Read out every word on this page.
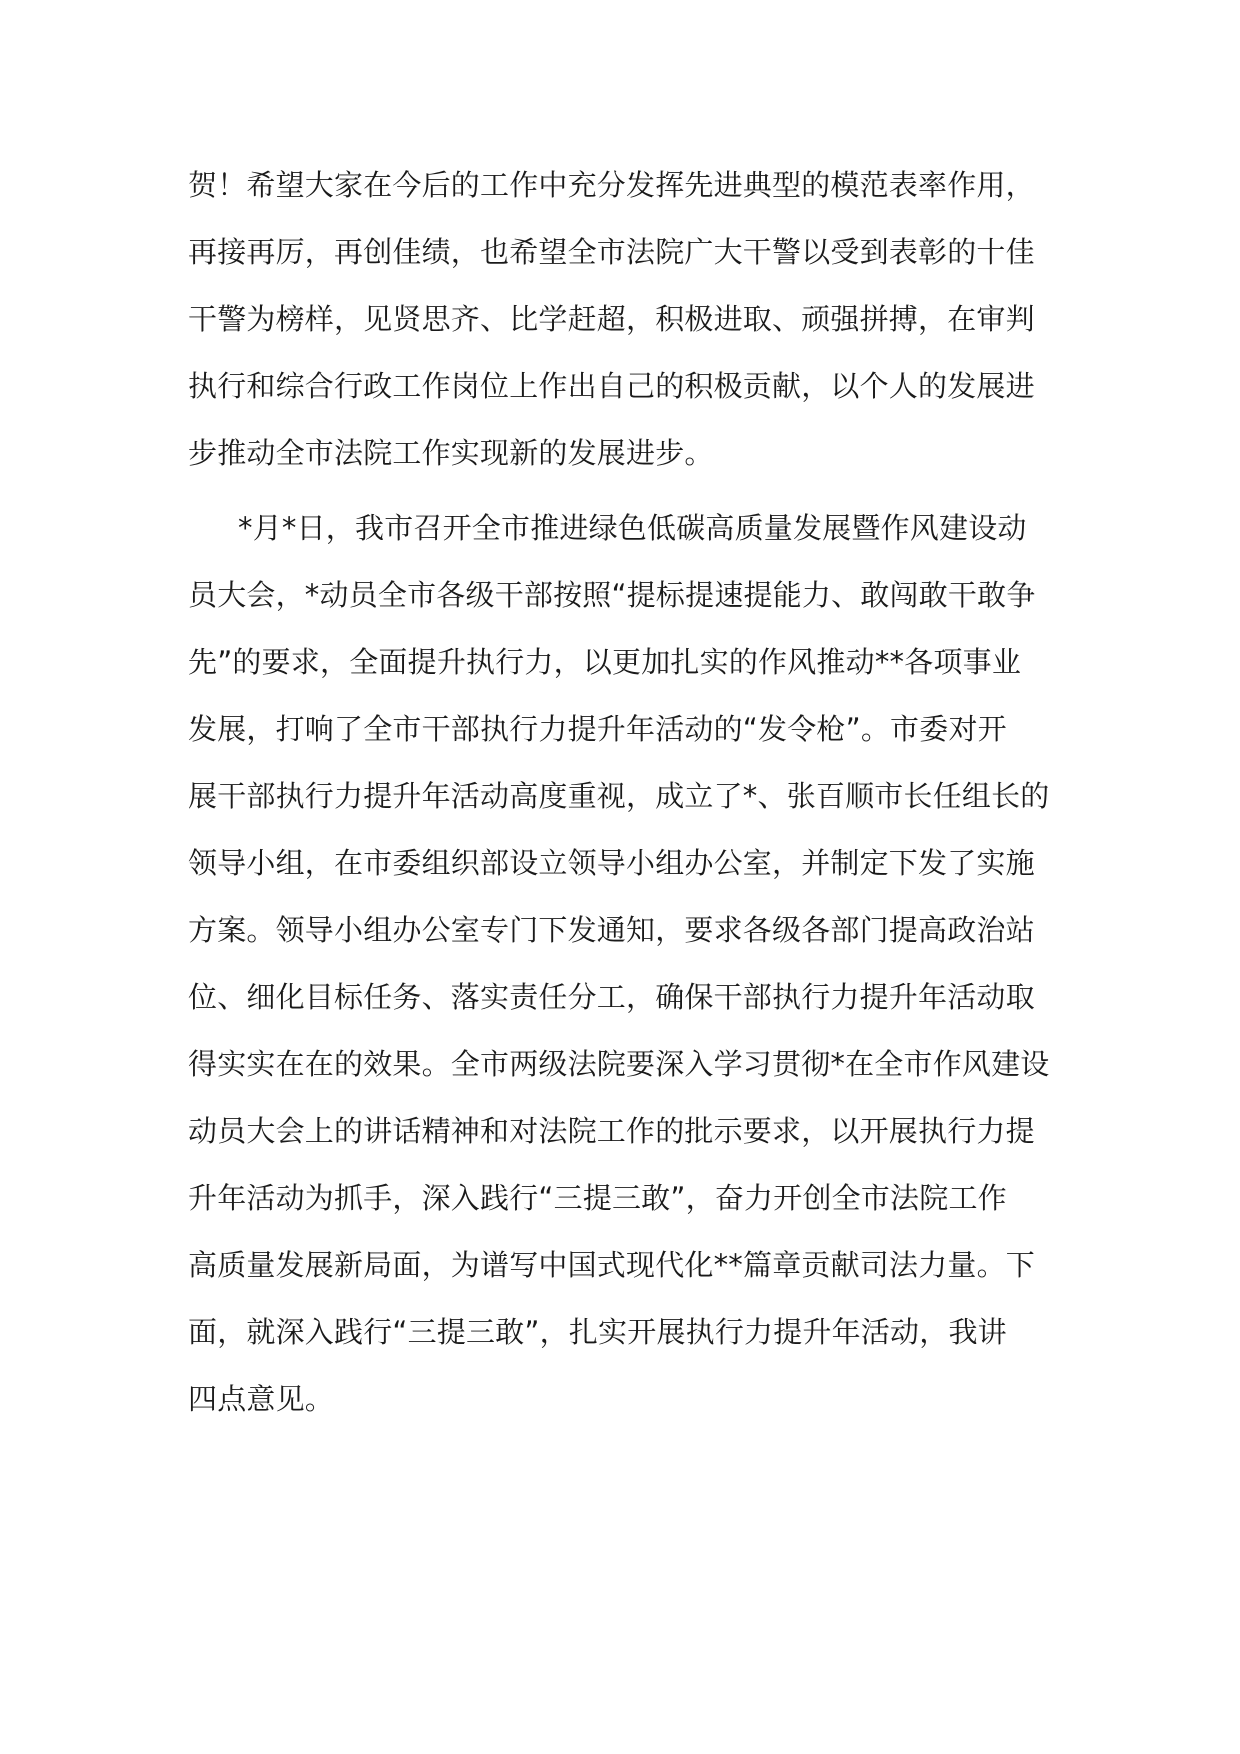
贺！希望大家在今后的工作中充分发挥先进典型的模范表率作用，
再接再厉，再创佳绩，也希望全市法院广大干警以受到表彰的十佳
干警为榜样，见贤思齐、比学赶超，积极进取、顽强拼搏，在审判
执行和综合行政工作岗位上作出自己的积极贡献，以个人的发展进
步推动全市法院工作实现新的发展进步。
*月*日，我市召开全市推进绿色低碳高质量发展暨作风建设动
员大会，*动员全市各级干部按照“提标提速提能力、敢闯敢干敢争
先”的要求，全面提升执行力，以更加扎实的作风推动**各项事业
发展，打响了全市干部执行力提升年活动的“发令枪”。市委对开
展干部执行力提升年活动高度重视，成立了*、张百顺市长任组长的
领导小组，在市委组织部设立领导小组办公室，并制定下发了实施
方案。领导小组办公室专门下发通知，要求各级各部门提高政治站
位、细化目标任务、落实责任分工，确保干部执行力提升年活动取
得实实在在的效果。全市两级法院要深入学习贯彻*在全市作风建设
动员大会上的讲话精神和对法院工作的批示要求，以开展执行力提
升年活动为抓手，深入践行“三提三敢”，奋力开创全市法院工作
高质量发展新局面，为谱写中国式现代化**篇章贡献司法力量。下
面，就深入践行“三提三敢”，扎实开展执行力提升年活动，我讲
四点意见。
